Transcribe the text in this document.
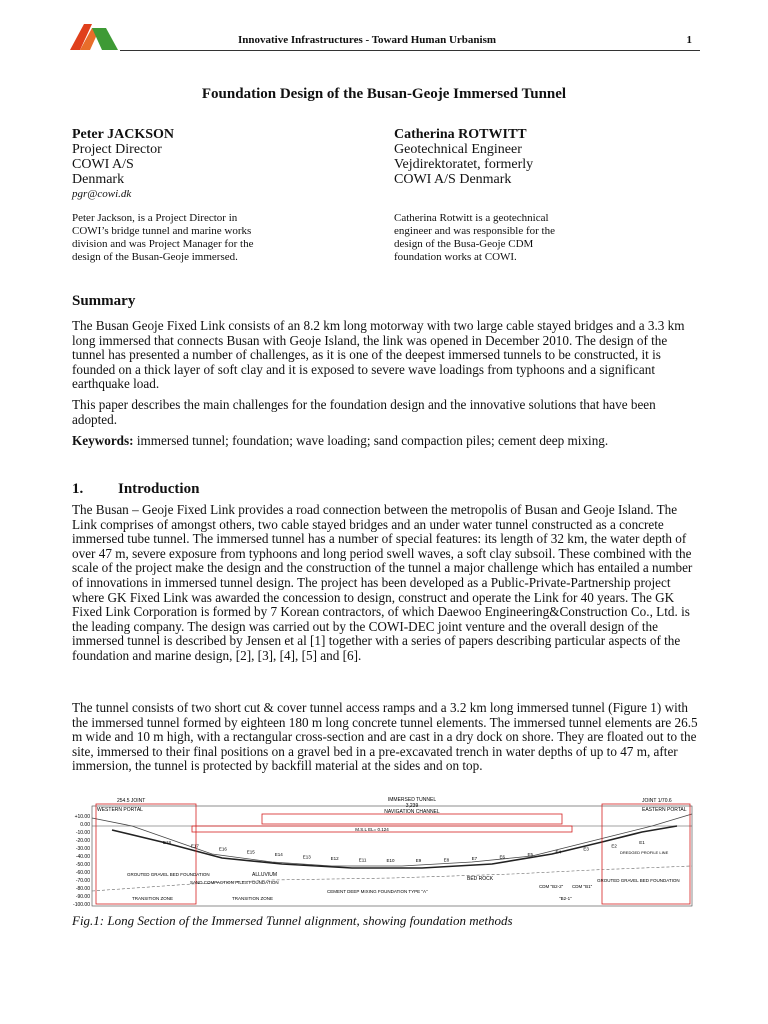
Innovative Infrastructures - Toward Human Urbanism	1
Foundation Design of the Busan-Geoje Immersed Tunnel
Peter JACKSON
Project Director
COWI A/S
Denmark
pgr@cowi.dk
Catherina ROTWITT
Geotechnical Engineer
Vejdirektoratet, formerly
COWI A/S Denmark
Peter Jackson, is a Project Director in COWI’s bridge tunnel and marine works division and was Project Manager for the design of the Busan-Geoje immersed.
Catherina Rotwitt is a geotechnical engineer and was responsible for the design of the Busa-Geoje CDM foundation works at COWI.
Summary
The Busan Geoje Fixed Link consists of an 8.2 km long motorway with two large cable stayed bridges and a 3.3 km long immersed that connects Busan with Geoje Island, the link was opened in December 2010. The design of the tunnel has presented a number of challenges, as it is one of the deepest immersed tunnels to be constructed, it is founded on a thick layer of soft clay and it is exposed to severe wave loadings from typhoons and a significant earthquake load.
This paper describes the main challenges for the foundation design and the innovative solutions that have been adopted.
Keywords: immersed tunnel; foundation; wave loading; sand compaction piles; cement deep mixing.
1. Introduction
The Busan – Geoje Fixed Link provides a road connection between the metropolis of Busan and Geoje Island. The Link comprises of amongst others, two cable stayed bridges and an under water tunnel constructed as a concrete immersed tube tunnel. The immersed tunnel has a number of special features: its length of 32 km, the water depth of over 47 m, severe exposure from typhoons and long period swell waves, a soft clay subsoil. These combined with the scale of the project make the design and the construction of the tunnel a major challenge which has entailed a number of innovations in immersed tunnel design. The project has been developed as a Public-Private-Partnership project where GK Fixed Link was awarded the concession to design, construct and operate the Link for 40 years. The GK Fixed Link Corporation is formed by 7 Korean contractors, of which Daewoo Engineering&Construction Co., Ltd. is the leading company. The design was carried out by the COWI-DEC joint venture and the overall design of the immersed tunnel is described by Jensen et al [1] together with a series of papers describing particular aspects of the foundation and marine design, [2], [3], [4], [5] and [6].
The tunnel consists of two short cut & cover tunnel access ramps and a 3.2 km long immersed tunnel (Figure 1) with the immersed tunnel formed by eighteen 180 m long concrete tunnel elements. The immersed tunnel elements are 26.5 m wide and 10 m high, with a rectangular cross-section and are cast in a dry dock on shore. They are floated out to the site, immersed to their final positions on a gravel bed in a pre-excavated trench in water depths of up to 47 m, after immersion, the tunnel is protected by backfill material at the sides and on top.
+10.00
0.00
-10.00
-20.00
-30.00
-40.00
-50.00
-60.00
-70.00
-80.00
-90.00
-100.00
IMMERSED TUNNEL
3,239
NAVIGATION CHANNEL
M.S.L EL= 0.124
254.5 JOINT	JOINT 1/70.6
WESTERN PORTAL	EASTERN PORTAL
E18
E17
E16
E15
E14	E13	E12	E11	E10	E9	E8	E7	E6	E5
E4
E3
E2
E1
ALLUVIUM
BED ROCK
GROUTED GRAVEL BED FOUNDATION
SAND COMPACTION PILES FOUNDATION
CEMENT DEEP MIXING FOUNDATION TYPE "A"
CDM "B2-2" CDM "B1"
GROUTED GRAVEL BED FOUNDATION
TRANSITION ZONE	TRANSITION ZONE	"B2-1"
DREDGED PROFILE LINE
Fig.1: Long Section of the Immersed Tunnel alignment, showing foundation methods
